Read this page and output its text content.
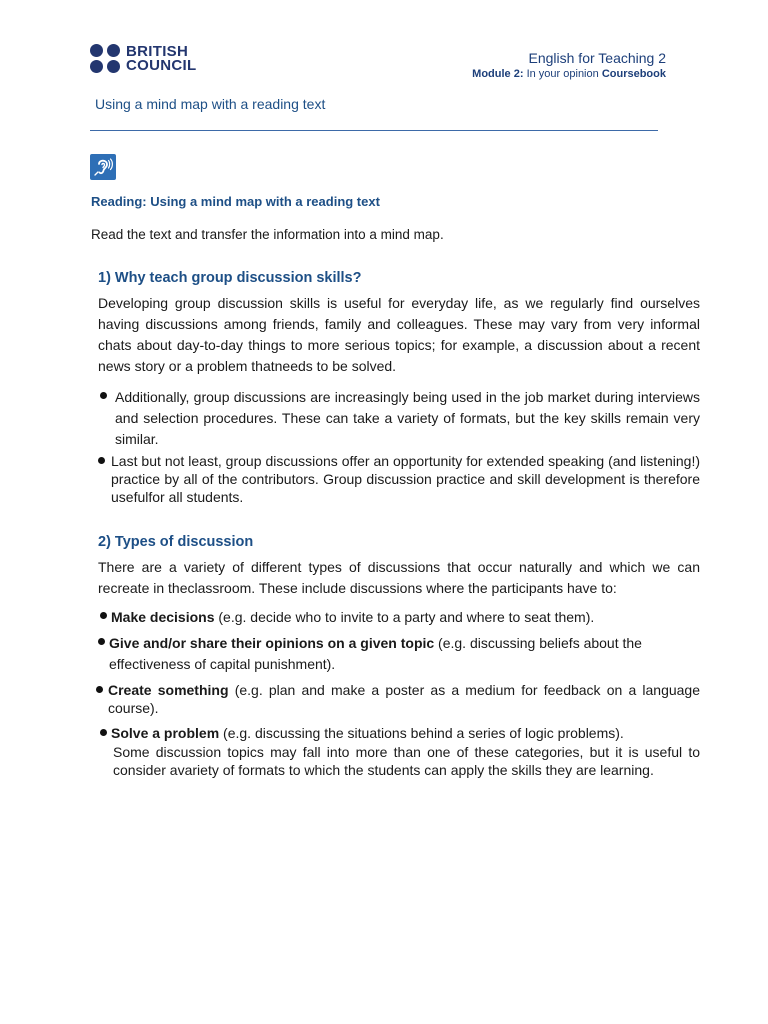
BRITISH
COUNCIL	English for Teaching 2
Module 2: In your opinion Coursebook
Using a mind map with a reading text
Reading: Using a mind map with a reading text
Read the text and transfer the information into a mind map.
1) Why teach group discussion skills?
Developing group discussion skills is useful for everyday life, as we regularly find ourselves having discussions among friends, family and colleagues. These may vary from very informal chats about day-to-day things to more serious topics; for example, a discussion about a recent news story or a problem thatneeds to be solved.
Additionally, group discussions are increasingly being used in the job market during interviews and selection procedures. These can take a variety of formats, but the key skills remain very similar.
Last but not least, group discussions offer an opportunity for extended speaking (and listening!) practice by all of the contributors. Group discussion practice and skill development is therefore usefulfor all students.
2) Types of discussion
There are a variety of different types of discussions that occur naturally and which we can recreate in theclassroom. These include discussions where the participants have to:
Make decisions (e.g. decide who to invite to a party and where to seat them).
Give and/or share their opinions on a given topic (e.g. discussing beliefs about the effectiveness of capital punishment).
Create something (e.g. plan and make a poster as a medium for feedback on a language course).
Solve a problem (e.g. discussing the situations behind a series of logic problems).
Some discussion topics may fall into more than one of these categories, but it is useful to consider avariety of formats to which the students can apply the skills they are learning.
